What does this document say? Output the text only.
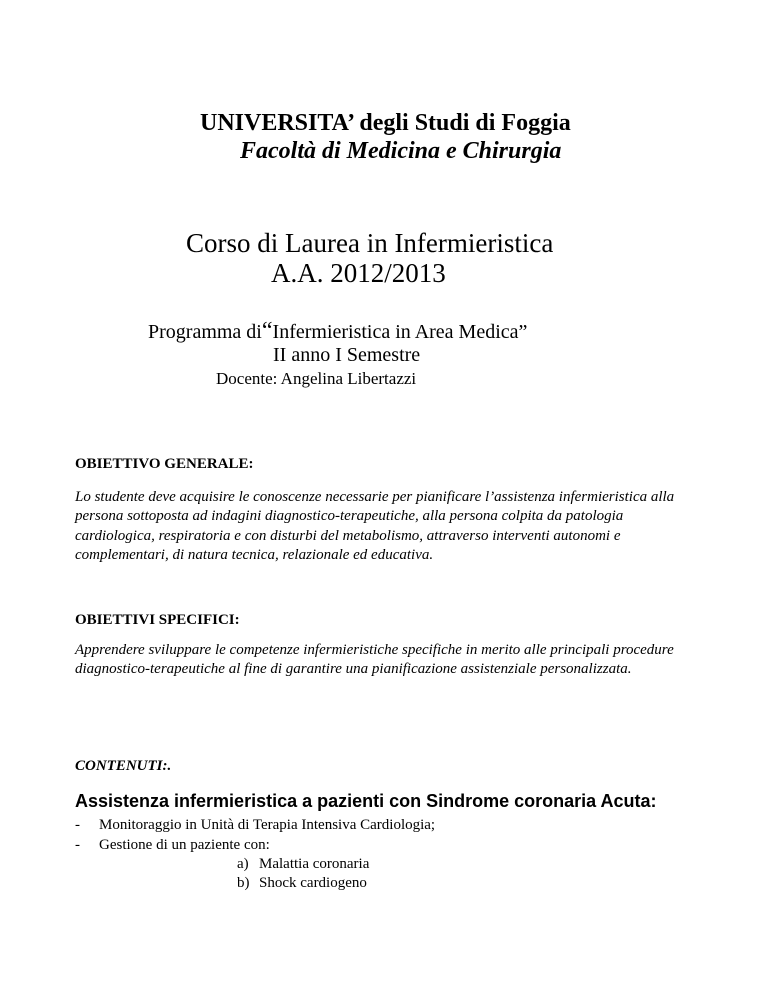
UNIVERSITA’ degli Studi di Foggia
Facoltà di Medicina e Chirurgia
Corso di Laurea in Infermieristica
A.A. 2012/2013
Programma di“Infermieristica in Area Medica”
II anno I Semestre
Docente: Angelina Libertazzi
OBIETTIVO GENERALE:
Lo studente deve acquisire le conoscenze necessarie per pianificare l’assistenza infermieristica alla persona sottoposta ad indagini diagnostico-terapeutiche, alla persona colpita da patologia cardiologica, respiratoria e con disturbi del metabolismo, attraverso interventi autonomi e complementari, di natura tecnica, relazionale ed educativa.
OBIETTIVI SPECIFICI:
Apprendere sviluppare le competenze infermieristiche specifiche in merito alle principali procedure diagnostico-terapeutiche al fine di garantire una pianificazione assistenziale personalizzata.
CONTENUTI:.
Assistenza infermieristica a pazienti con Sindrome coronaria Acuta:
- Monitoraggio in Unità di Terapia Intensiva Cardiologia;
- Gestione di un paziente con:
a) Malattia coronaria
b) Shock cardiogeno
